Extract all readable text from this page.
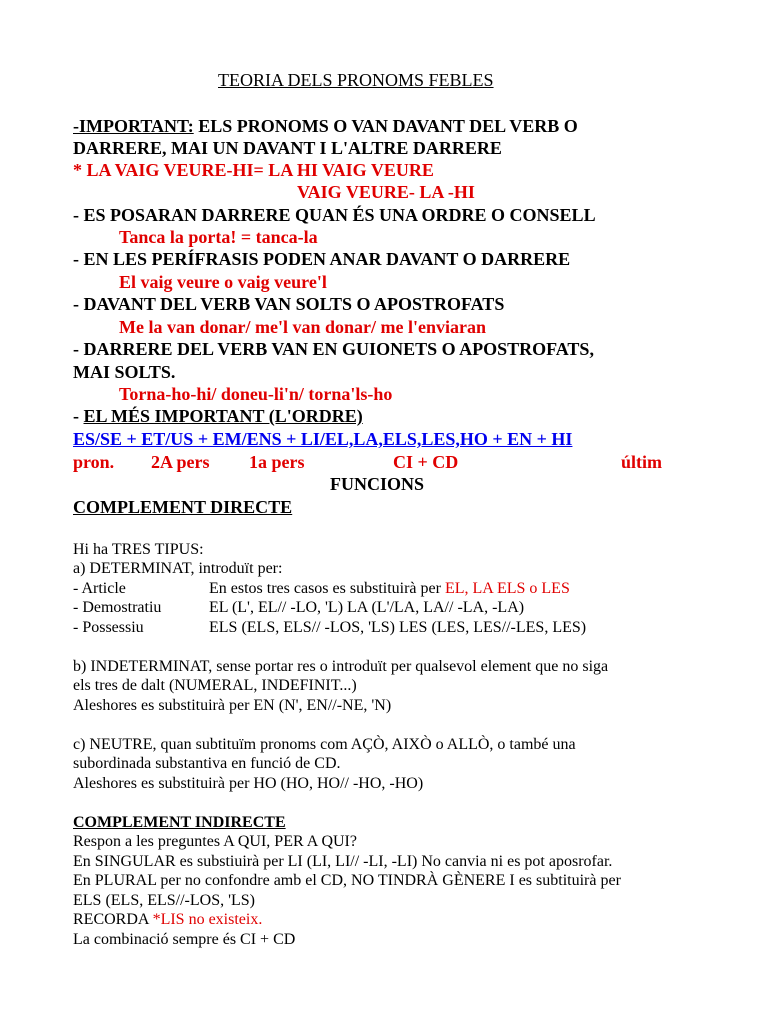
TEORIA DELS PRONOMS FEBLES
-IMPORTANT: ELS PRONOMS O VAN DAVANT DEL VERB O
DARRERE, MAI UN DAVANT I L'ALTRE DARRERE
* LA VAIG VEURE-HI= LA HI VAIG VEURE
VAIG VEURE- LA -HI
- ES POSARAN DARRERE QUAN ÉS UNA ORDRE O CONSELL
Tanca la porta! = tanca-la
- EN LES PERÍFRASIS PODEN ANAR DAVANT O DARRERE
El vaig veure o vaig veure'l
- DAVANT DEL VERB VAN SOLTS O APOSTROFATS
Me la van donar/ me'l van donar/ me l'enviaran
- DARRERE DEL VERB VAN EN GUIONETS O APOSTROFATS,
MAI SOLTS.
Torna-ho-hi/ doneu-li'n/ torna'ls-ho
- EL MÉS IMPORTANT (L'ORDRE)
ES/SE + ET/US + EM/ENS + LI/EL,LA,ELS,LES,HO + EN + HI
pron. 2A pers 1a pers	CI + CD	últim
FUNCIONS
COMPLEMENT DIRECTE
Hi ha TRES TIPUS:
a) DETERMINAT, introduït per:
- Article	En estos tres casos es substituirà per EL, LA ELS o LES
- Demostratiu	EL (L', EL// -LO, 'L) LA (L'/LA, LA// -LA, -LA)
- Possessiu	ELS (ELS, ELS// -LOS, 'LS) LES (LES, LES//-LES, LES)
b) INDETERMINAT, sense portar res o introduït per qualsevol element que no siga
els tres de dalt (NUMERAL, INDEFINIT...)
Aleshores es substituirà per EN (N', EN//-NE, 'N)
c) NEUTRE, quan subtituïm pronoms com AÇÒ, AIXÒ o ALLÒ, o també una
subordinada substantiva en funció de CD.
Aleshores es substituirà per HO (HO, HO// -HO, -HO)
COMPLEMENT INDIRECTE
Respon a les preguntes A QUI, PER A QUI?
En SINGULAR es substiuirà per LI (LI, LI// -LI, -LI) No canvia ni es pot aposrofar.
En PLURAL per no confondre amb el CD, NO TINDRÀ GÈNERE I es subtituirà per
ELS (ELS, ELS//-LOS, 'LS)
RECORDA *LIS no existeix.
La combinació sempre és CI + CD
